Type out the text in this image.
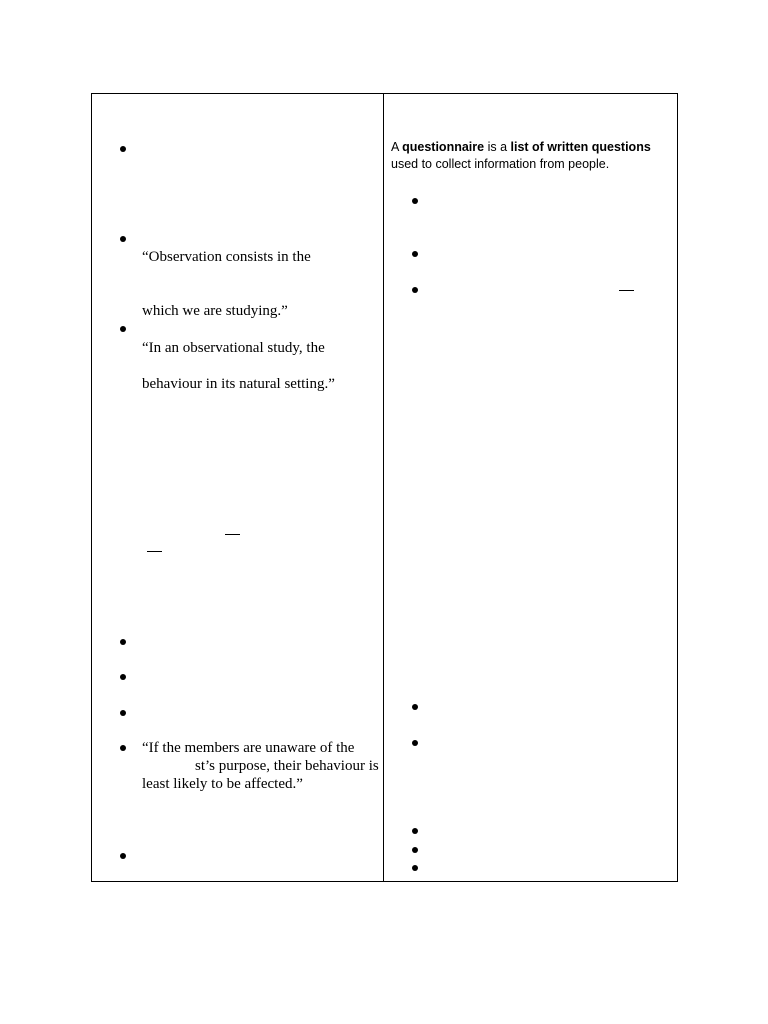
“Observation consists in the
which we are studying.”
“In an observational study, the
behaviour in its natural setting.”
“If the members are unaware of the
st’s purpose, their behaviour is
least likely to be affected.”
A questionnaire is a list of written questions
used to collect information from people.
